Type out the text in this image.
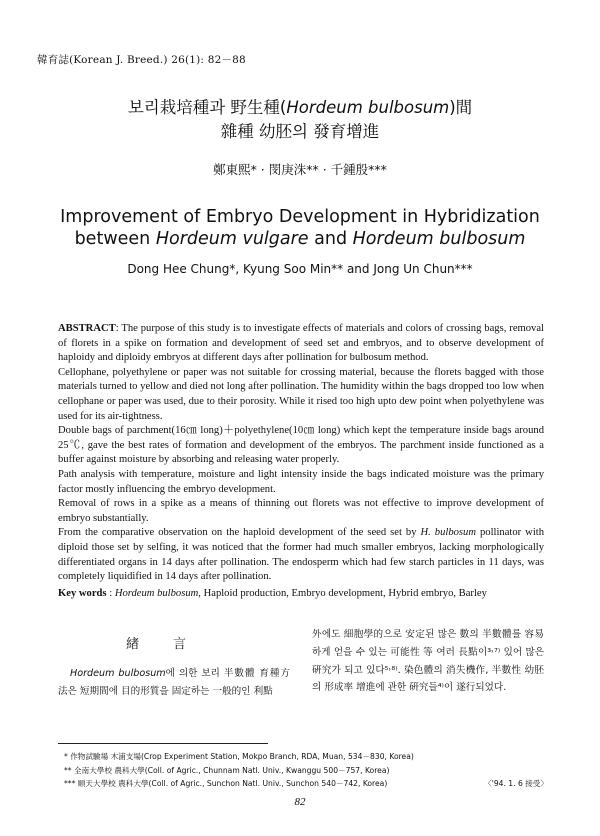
韓育誌(Korean J. Breed.) 26(1): 82－88
보리栽培種과 野生種(Hordeum bulbosum)間
雜種 幼胚의 發育增進
鄭東熙* · 閔庚洙** · 千鍾殷***
Improvement of Embryo Development in Hybridization
between Hordeum vulgare and Hordeum bulbosum
Dong Hee Chung*, Kyung Soo Min** and Jong Un Chun***

ABSTRACT: The purpose of this study is to investigate effects of materials and colors of crossing bags, removal of florets in a spike on formation and development of seed set and embryos, and to observe development of haploidy and diploidy embryos at different days after pollination for bulbosum method.

Cellophane, polyethylene or paper was not suitable for crossing material, because the florets bagged with those materials turned to yellow and died not long after pollination. The humidity within the bags dropped too low when cellophane or paper was used, due to their porosity. While it rised too high upto dew point when polyethylene was used for its air-tightness.

Double bags of parchment(16㎝ long)＋polyethylene(10㎝ long) which kept the temperature inside bags around 25℃, gave the best rates of formation and development of the embryos. The parchment inside functioned as a buffer against moisture by absorbing and releasing water properly.

Path analysis with temperature, moisture and light intensity inside the bags indicated moisture was the primary factor mostly influencing the embryo development.

Removal of rows in a spike as a means of thinning out florets was not effective to improve development of embryo substantially.

From the comparative observation on the haploid development of the seed set by H. bulbosum pollinator with diploid those set by selfing, it was noticed that the former had much smaller embryos, lacking morphologically differentiated organs in 14 days after pollination. The endosperm which had few starch particles in 11 days, was completely liquidified in 14 days after pollination.

Key words : Hordeum bulbosum, Haploid production, Embryo development, Hybrid embryo, Barley
緖言
Hordeum bulbosum에 의한 보리 半數體 育種方法은 短期間에 目的形質을 固定하는 一般的인 利點
外에도 細胞學的으로 安定된 많은 數의 半數體를 容易하게 얻을 수 있는 可能性 等 여러 長點이³˒⁷⁾ 있어 많은 硏究가 되고 있다⁵˒⁸⁾. 染色體의 消失機作, 半數性 幼胚의 形成率 增進에 관한 硏究들⁴⁾이 遂行되었다.
* 作物試驗場 木浦支場(Crop Experiment Station, Mokpo Branch, RDA, Muan, 534－830, Korea)
** 全南大學校 農科大學(Coll. of Agric., Chunnam Natl. Univ., Kwanggu 500－757, Korea)
*** 順天大學校 農科大學(Coll. of Agric., Sunchon Natl. Univ., Sunchon 540－742, Korea)	〈'94. 1. 6 接受〉
82
